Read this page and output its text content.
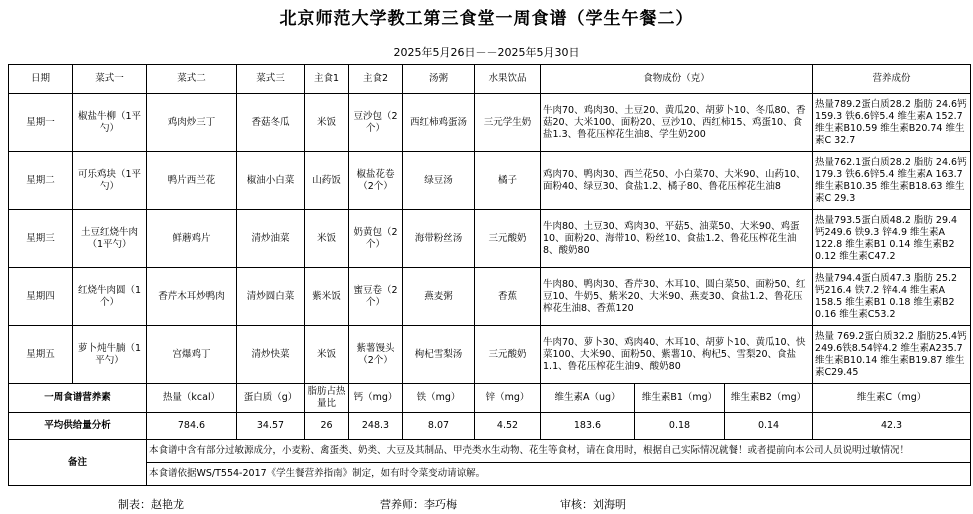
北京师范大学教工第三食堂一周食谱（学生午餐二）
2025年5月26日－－2025年5月30日
日期	菜式一	菜式二	菜式三	主食1	主食2	汤粥	水果饮品	食物成份（克）			营养成份
星期一	椒盐牛柳（1平勺）	鸡肉炒三丁	香菇冬瓜	米饭	豆沙包（2个）	西红柿鸡蛋汤	三元学生奶	牛肉70、鸡肉30、土豆20、黄瓜20、胡萝卜10、冬瓜80、香菇20、大米100、面粉20、豆沙10、西红柿15、鸡蛋10、食盐1.3、鲁花压榨花生油8、学生奶200			热量789.2蛋白质28.2 脂肪 24.6钙159.3 铁6.6锌5.4 维生素A 152.7 维生素B10.59 维生素B20.74 维生素C 32.7
星期二	可乐鸡块（1平勺）	鸭片西兰花	椒油小白菜	山药饭	椒盐花卷（2个）	绿豆汤	橘子	鸡肉70、鸭肉30、西兰花50、小白菜70、大米90、山药10、面粉40、绿豆30、食盐1.2、橘子80、鲁花压榨花生油8			热量762.1蛋白质28.2 脂肪 24.6钙179.3 铁6.6锌5.4 维生素A 163.7 维生素B10.35 维生素B18.63 维生素C 29.3
星期三	土豆红烧牛肉（1平勺）	鲜蘑鸡片	清炒油菜	米饭	奶黄包（2个）	海带粉丝汤	三元酸奶	牛肉80、土豆30、鸡肉30、平菇5、油菜50、大米90、鸡蛋10、面粉20、海带10、粉丝10、食盐1.2、鲁花压榨花生油8、酸奶80			热量793.5蛋白质48.2 脂肪 29.4 钙249.6 铁9.3 锌4.9 维生素A 122.8 维生素B1 0.14 维生素B2 0.12 维生素C47.2
星期四	红烧牛肉圆（1个）	香芹木耳炒鸭肉	清炒圆白菜	紫米饭	蜜豆卷（2个）	燕麦粥	香蕉	牛肉80、鸭肉30、香芹30、木耳10、圆白菜50、面粉50、红豆10、牛奶5、紫米20、大米90、燕麦30、食盐1.2、鲁花压榨花生油8、香蕉120			热量794.4蛋白质47.3 脂肪 25.2 钙216.4 铁7.2 锌4.4 维生素A 158.5 维生素B1 0.18 维生素B2 0.16 维生素C53.2
星期五	萝卜炖牛腩（1平勺）	宫爆鸡丁	清炒快菜	米饭	紫薯馒头（2个）	枸杞雪梨汤	三元酸奶	牛肉70、萝卜30、鸡肉40、木耳10、胡萝卜10、黄瓜10、快菜100、大米90、面粉50、紫薯10、枸杞5、雪梨20、食盐1.1、鲁花压榨花生油9、酸奶80			热量 769.2蛋白质32.2 脂肪25.4钙249.6铁8.54锌4.2 维生素A235.7 维生素B10.14 维生素B19.87 维生素C29.45
一周食谱营养素		热量（kcal）	蛋白质（g）	脂肪占热量比	钙（mg）	铁（mg）	锌（mg）	维生素A（ug）	维生素B1（mg）	维生素B2（mg）	维生素C（mg）
平均供给量分析		784.6	34.57	26	248.3	8.07	4.52	183.6	0.18	0.14	42.3
备注		本食谱中含有部分过敏源成分，小麦粉、禽蛋类、奶类、大豆及其制品、甲壳类水生动物、花生等食材，请在食用时，根据自己实际情况就餐！或者提前向本公司人员说明过敏情况！									
		本食谱依据WS/T554-2017《学生餐营养指南》制定，如有时令菜变动请谅解。									
制表：赵艳龙	营养师：李巧梅	审核：刘海明
